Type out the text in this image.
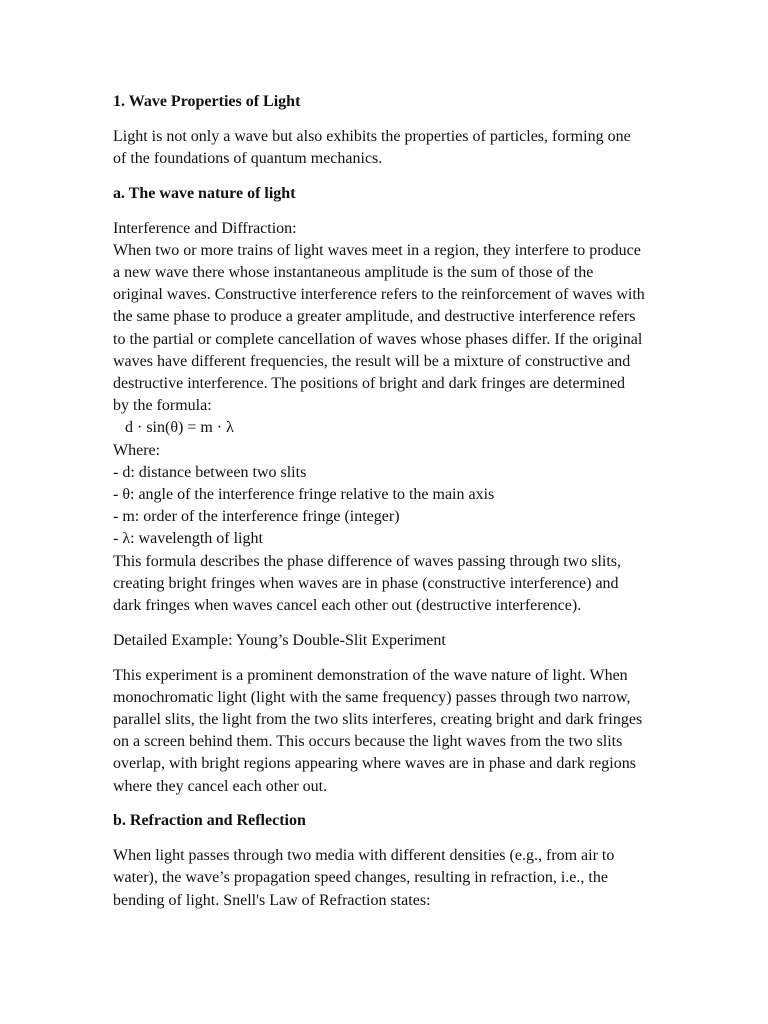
1. Wave Properties of Light
Light is not only a wave but also exhibits the properties of particles, forming one
of the foundations of quantum mechanics.
a. The wave nature of light
Interference and Diffraction:
When two or more trains of light waves meet in a region, they interfere to produce
a new wave there whose instantaneous amplitude is the sum of those of the
original waves. Constructive interference refers to the reinforcement of waves with
the same phase to produce a greater amplitude, and destructive interference refers
to the partial or complete cancellation of waves whose phases differ. If the original
waves have different frequencies, the result will be a mixture of constructive and
destructive interference. The positions of bright and dark fringes are determined
by the formula:
d · sin(θ) = m · λ
Where:
- d: distance between two slits
- θ: angle of the interference fringe relative to the main axis
- m: order of the interference fringe (integer)
- λ: wavelength of light
This formula describes the phase difference of waves passing through two slits,
creating bright fringes when waves are in phase (constructive interference) and
dark fringes when waves cancel each other out (destructive interference).
Detailed Example: Young’s Double-Slit Experiment
This experiment is a prominent demonstration of the wave nature of light. When
monochromatic light (light with the same frequency) passes through two narrow,
parallel slits, the light from the two slits interferes, creating bright and dark fringes
on a screen behind them. This occurs because the light waves from the two slits
overlap, with bright regions appearing where waves are in phase and dark regions
where they cancel each other out.
b. Refraction and Reflection
When light passes through two media with different densities (e.g., from air to
water), the wave’s propagation speed changes, resulting in refraction, i.e., the
bending of light. Snell's Law of Refraction states:
